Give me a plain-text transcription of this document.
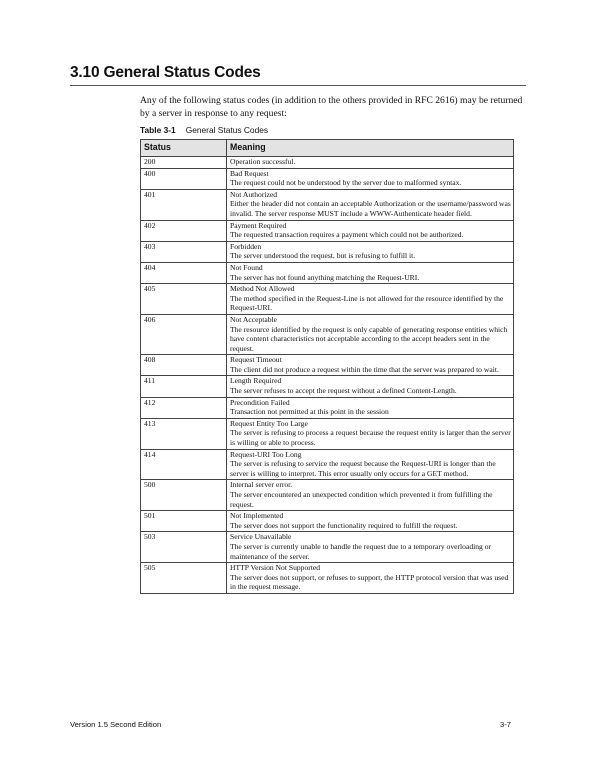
3.10 General Status Codes

Any of the following status codes (in addition to the others provided in RFC 2616) may be returned by a server in response to any request:

Table 3-1 General Status Codes
Status	Meaning
200	Operation successful.

400	Bad Request
The request could not be understood by the server due to malformed syntax.

401	Not Authorized
Either the header did not contain an acceptable Authorization or the username/password was invalid. The server response MUST include a WWW-Authenticate header field.

402	Payment Required
The requested transaction requires a payment which could not be authorized.

403	Forbidden
The server understood the request, but is refusing to fulfill it.

404	Not Found
The server has not found anything matching the Request-URI.

405	Method Not Allowed
The method specified in the Request-Line is not allowed for the resource identified by the Request-URI.

406	Not Acceptable
The resource identified by the request is only capable of generating response entities which have content characteristics not acceptable according to the accept headers sent in the request.

408	Request Timeout
The client did not produce a request within the time that the server was prepared to wait.

411	Length Required
The server refuses to accept the request without a defined Content-Length.

412	Precondition Failed
Transaction not permitted at this point in the session

413	Request Entity Too Large
The server is refusing to process a request because the request entity is larger than the server is willing or able to process.

414	Request-URI Too Long
The server is refusing to service the request because the Request-URI is longer than the server is willing to interpret. This error usually only occurs for a GET method.

500	Internal server error.
The server encountered an unexpected condition which prevented it from fulfilling the request.

501	Not Implemented
The server does not support the functionality required to fulfill the request.

503	Service Unavailable
The server is currently unable to handle the request due to a temporary overloading or maintenance of the server.

505	HTTP Version Not Supported
The server does not support, or refuses to support, the HTTP protocol version that was used in the request message.
Version 1.5 Second Edition	3-7
